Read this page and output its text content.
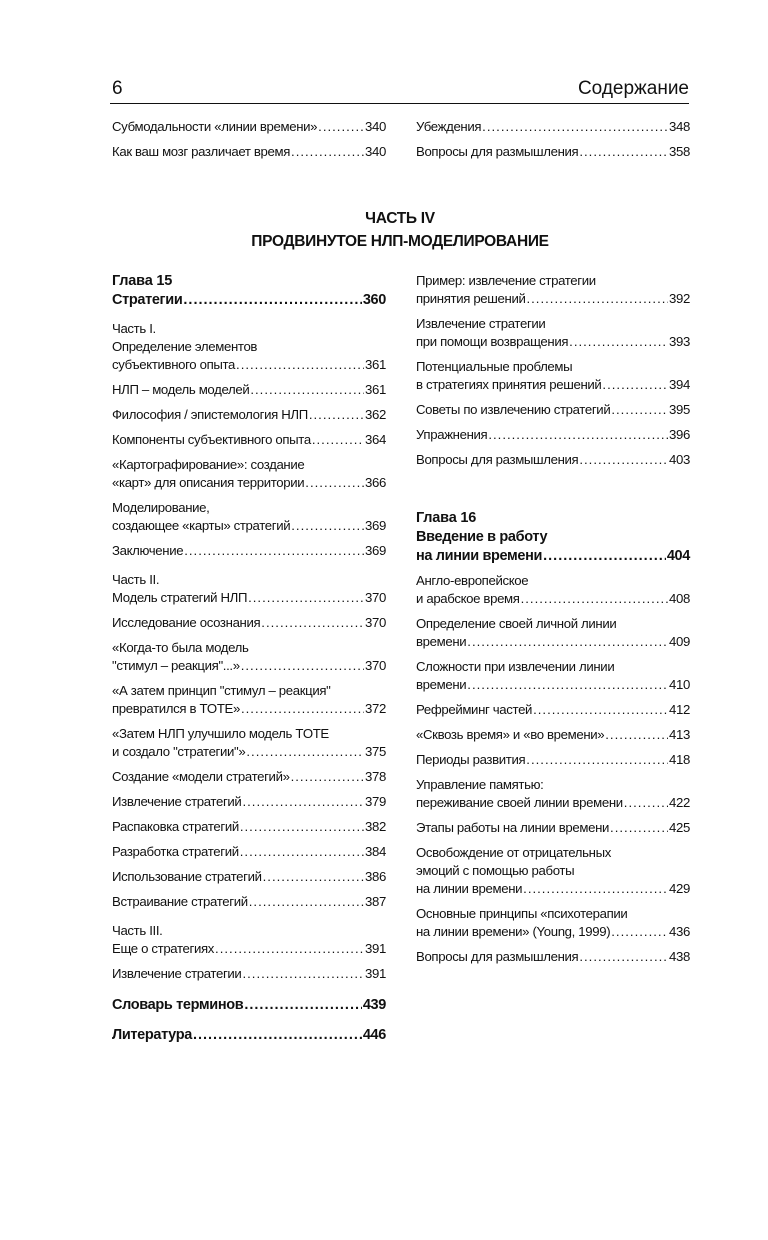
6	Содержание
Субмодальности «линии времени» .....	340
Как ваш мозг различает время .....	340
Убеждения .....	348
Вопросы для размышления .....	358
ЧАСТЬ IV
ПРОДВИНУТОЕ НЛП-МОДЕЛИРОВАНИЕ
Глава 15
Стратегии .....	360
Часть I.
Определение элементов
субъективного опыта .....	361
НЛП – модель моделей .....	361
Философия / эпистемология НЛП .....	362
Компоненты субъективного опыта .....	364
«Картографирование»: создание
«карт» для описания территории .....	366
Моделирование,
создающее «карты» стратегий .....	369
Заключение .....	369
Часть II.
Модель стратегий НЛП .....	370
Исследование осознания .....	370
«Когда-то была модель
"стимул – реакция"...» .....	370
«А затем принцип "стимул – реакция"
превратился в TOTE» .....	372
«Затем НЛП улучшило модель TOTE
и создало "стратегии"» .....	375
Создание «модели стратегий» .....	378
Извлечение стратегий .....	379
Распаковка стратегий .....	382
Разработка стратегий .....	384
Использование стратегий .....	386
Встраивание стратегий .....	387
Часть III.
Еще о стратегиях .....	391
Извлечение стратегии .....	391
Словарь терминов .....	439
Литература .....	446
Пример: извлечение стратегии
принятия решений .....	392
Извлечение стратегии
при помощи возвращения .....	393
Потенциальные проблемы
в стратегиях принятия решений .....	394
Советы по извлечению стратегий .....	395
Упражнения .....	396
Вопросы для размышления .....	403
Глава 16
Введение в работу
на линии времени .....	404
Англо-европейское
и арабское время .....	408
Определение своей личной линии
времени .....	409
Сложности при извлечении линии
времени .....	410
Рефрейминг частей .....	412
«Сквозь время» и «во времени» .....	413
Периоды развития .....	418
Управление памятью:
переживание своей линии времени .....	422
Этапы работы на линии времени .....	425
Освобождение от отрицательных
эмоций с помощью работы
на линии времени .....	429
Основные принципы «психотерапии
на линии времени» (Young, 1999) .....	436
Вопросы для размышления .....	438
